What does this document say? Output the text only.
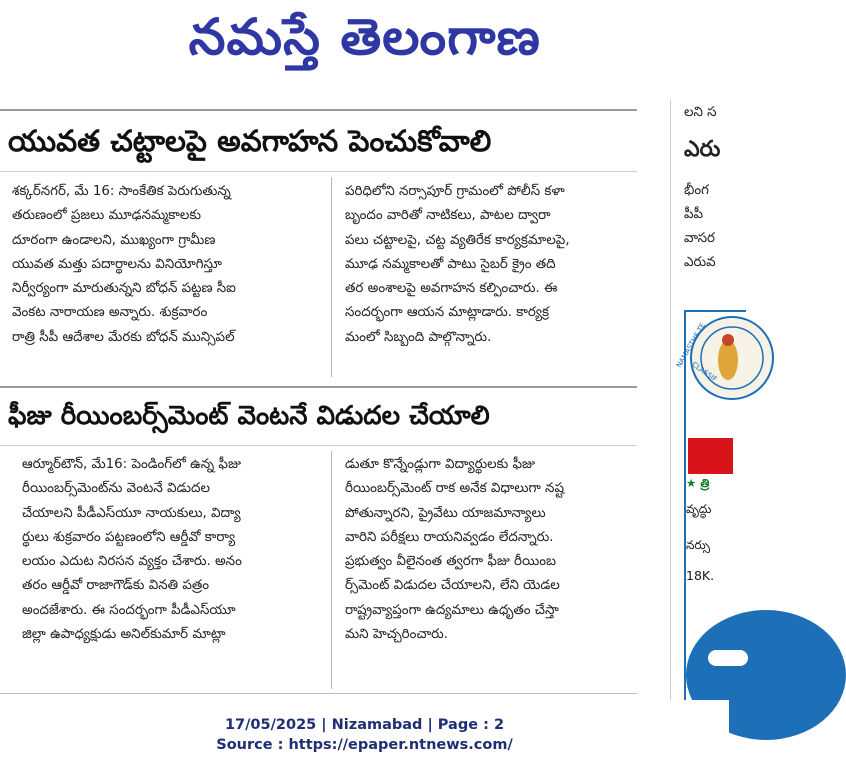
నమస్తే తెలంగాణ
యువత చట్టాలపై అవగాహన పెంచుకోవాలి
శక్కర్‌నగర్‌, మే 16: సాంకేతిక పెరుగుతున్న
తరుణంలో ప్రజలు మూఢనమ్మకాలకు
దూరంగా ఉండాలని, ముఖ్యంగా గ్రామీణ
యువత మత్తు పదార్థాలను వినియోగిస్తూ
నిర్వీర్యంగా మారుతున్నని బోధన్‌ పట్టణ సీఐ
వెంకట నారాయణ అన్నారు. శుక్రవారం
రాత్రి సీపీ ఆదేశాల మేరకు బోధన్‌ మున్సిపల్‌
పరిధిలోని నర్సాపూర్‌ గ్రామంలో పోలీస్‌ కళా
బృందం వారితో నాటికలు, పాటల ద్వారా
పలు చట్టాలపై, చట్ట వ్యతిరేక కార్యక్రమాలపై,
మూఢ నమ్మకాలతో పాటు సైబర్‌ క్రైం తది
తర అంశాలపై అవగాహన కల్పించారు. ఈ
సందర్భంగా ఆయన మాట్లాడారు. కార్యక్ర
మంలో సిబ్బంది పాల్గొన్నారు.
ఫీజు రీయింబర్స్‌మెంట్‌ వెంటనే విడుదల చేయాలి
ఆర్మూర్‌టౌన్‌, మే16: పెండింగ్‌లో ఉన్న ఫీజు
రీయింబర్స్‌మెంట్‌ను వెంటనే విడుదల
చేయాలని పీడీఎస్‌యూ నాయకులు, విద్యా
ర్థులు శుక్రవారం పట్టణంలోని ఆర్డీవో కార్యా
లయం ఎదుట నిరసన వ్యక్తం చేశారు. అనం
తరం ఆర్డీవో రాజాగౌడ్‌కు వినతి పత్రం
అందజేశారు. ఈ సందర్భంగా పీడీఎస్‌యూ
జిల్లా ఉపాధ్యక్షుడు అనిల్‌కుమార్‌ మాట్లా
డుతూ కొన్నేండ్లుగా విద్యార్థులకు ఫీజు
రీయింబర్స్‌మెంట్‌ రాక అనేక విధాలుగా నష్ట
పోతున్నారని, ప్రైవేటు యాజమాన్యాలు
వారిని పరీక్షలు రాయనివ్వడం లేదన్నారు.
ప్రభుత్వం వీలైనంత త్వరగా ఫీజు రీయింబ
ర్స్‌మెంట్‌ విడుదల చేయాలని, లేని యెడల
రాష్ట్రవ్యాప్తంగా ఉద్యమాలు ఉధృతం చేస్తా
మని హెచ్చరించారు.
లని స
ఎరు
భీంగ
పీపీ
వాసర
ఎరువ
NAMASTHE TE
CLASSIF
★ త్రి
వృద్ధు
నర్సు
18K.
17/05/2025 | Nizamabad | Page : 2
Source : https://epaper.ntnews.com/
